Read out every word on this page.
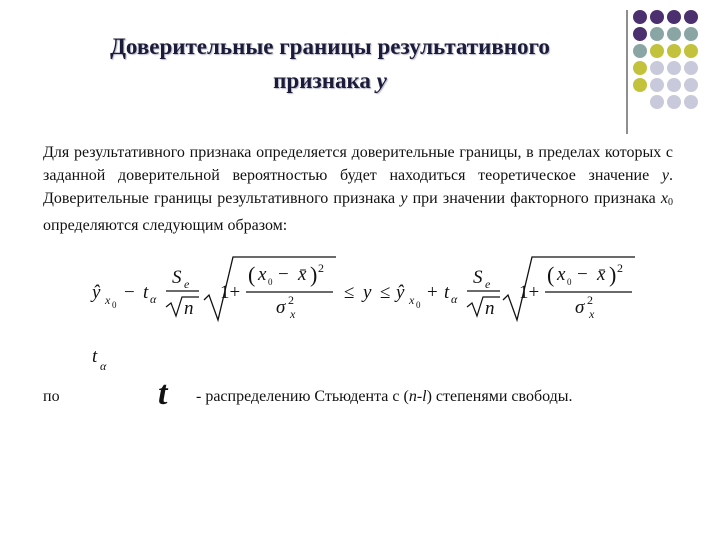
Доверительные границы результативного
признака y
Для результативного признака определяется доверительные границы, в пределах которых с заданной доверительной вероятностью будет находиться теоретическое значение y. Доверительные границы результативного признака y при значении факторного признака $x_0$ определяются следующим образом:
ŷ x 0
− t α
S e
n
1+
( x 0 − x̄ ) 2
σ 2
x
≤ y ≤ ŷ x 0
+ t α
S e
n
1+
( x 0 − x̄ ) 2
σ 2
x
t α
по	t - распределению Стьюдента с (n-l) степенями свободы.
